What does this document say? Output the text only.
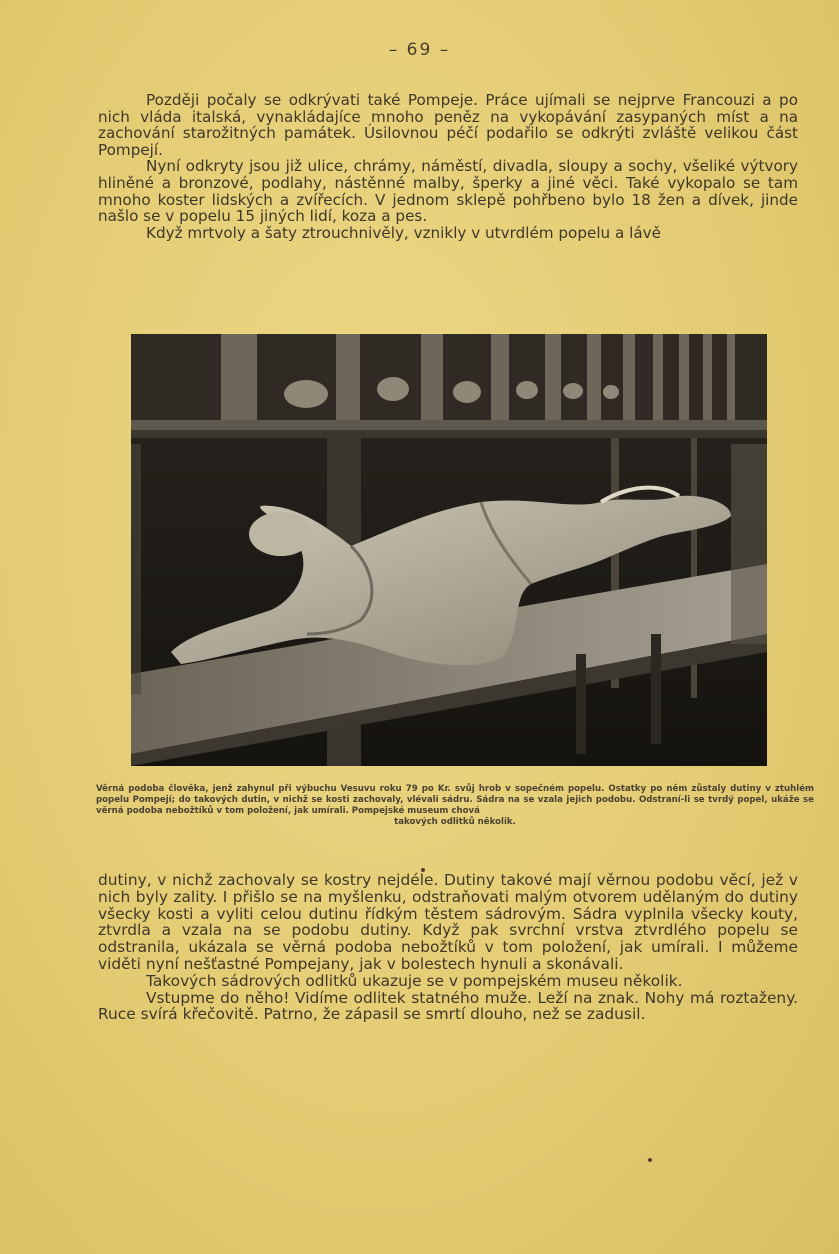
– 69 –

Později počaly se odkrývati také Pompeje. Práce ujímali se nejprve Francouzi a po nich vláda italská, vynakládajíce mnoho peněz na vykopávání zasypaných míst a na zachování starožitných památek. Úsilovnou péčí podařilo se odkrýti zvláště velikou část Pompejí.

Nyní odkryty jsou již ulice, chrámy, náměstí, divadla, sloupy a sochy, všeliké výtvory hliněné a bronzové, podlahy, nástěnné malby, šperky a jiné věci. Také vykopalo se tam mnoho koster lidských a zvířecích. V jednom sklepě pohřbeno bylo 18 žen a dívek, jinde našlo se v popelu 15 jiných lidí, koza a pes.

Když mrtvoly a šaty ztrouchnivěly, vznikly v utvrdlém popelu a lávě

Věrná podoba člověka, jenž zahynul při výbuchu Vesuvu roku 79 po Kr. svůj hrob v sopečném popelu. Ostatky po něm zůstaly dutiny v ztuhlém popelu Pompejí; do takových dutin, v nichž se kosti zachovaly, vlévali sádru. Sádra na se vzala jejich podobu. Odstraní-li se tvrdý popel, ukáže se věrná podoba nebožtíků v tom položení, jak umírali. Pompejské museum chová
takových odlitků několik.

dutiny, v nichž zachovaly se kostry nejdéle. Dutiny takové mají věrnou podobu věcí, jež v nich byly zality. I přišlo se na myšlenku, odstraňovati malým otvorem udělaným do dutiny všecky kosti a vyliti celou dutinu řídkým těstem sádrovým. Sádra vyplnila všecky kouty, ztvrdla a vzala na se podobu dutiny. Když pak svrchní vrstva ztvrdlého popelu se odstranila, ukázala se věrná podoba nebožtíků v tom položení, jak umírali. I můžeme viděti nyní nešťastné Pompejany, jak v bolestech hynuli a skonávali.

Takových sádrových odlitků ukazuje se v pompejském museu několik.

Vstupme do něho! Vidíme odlitek statného muže. Leží na znak. Nohy má roztaženy. Ruce svírá křečovitě. Patrno, že zápasil se smrtí dlouho, než se zadusil.
